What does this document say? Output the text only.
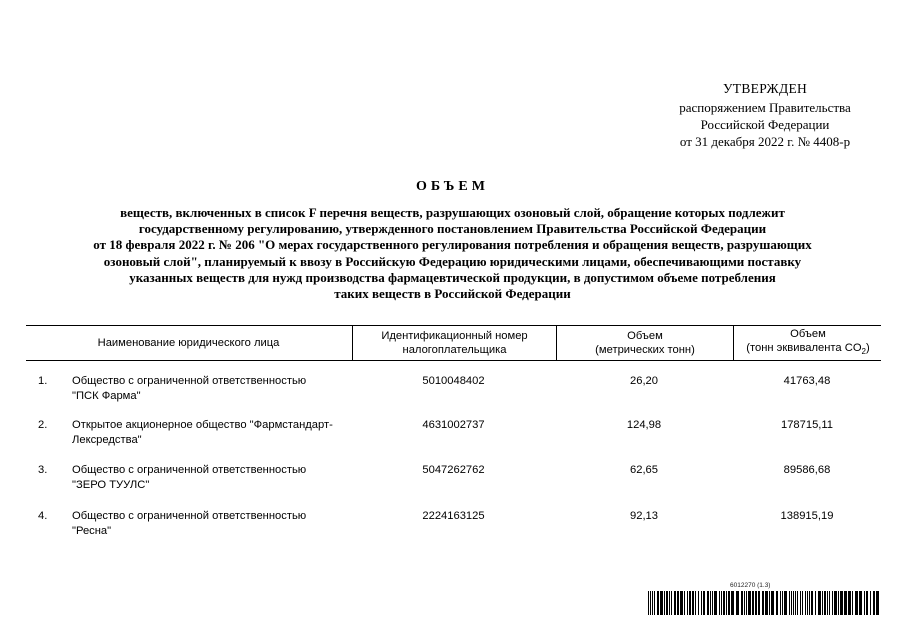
УТВЕРЖДЕН
распоряжением Правительства
Российской Федерации
от 31 декабря 2022 г. № 4408-р
ОБЪЕМ
веществ, включенных в список F перечня веществ, разрушающих озоновый слой, обращение которых подлежит
государственному регулированию, утвержденного постановлением Правительства Российской Федерации
от 18 февраля 2022 г. № 206 "О мерах государственного регулирования потребления и обращения веществ, разрушающих
озоновый слой", планируемый к ввозу в Российскую Федерацию юридическими лицами, обеспечивающими поставку
указанных веществ для нужд производства фармацевтической продукции, в допустимом объеме потребления
таких веществ в Российской Федерации
Наименование юридического лица
Идентификационный номер
налогоплательщика
Объем
(метрических тонн)
Объем
(тонн эквивалента $CO_2$)
1.	Общество с ограниченной ответственностью
"ПСК Фарма"
5010048402	26,20	41763,48
2.	Открытое акционерное общество "Фармстандарт-
Лексредства"
4631002737	124,98	178715,11
3.	Общество с ограниченной ответственностью
"ЗЕРО ТУУЛС"
5047262762	62,65	89586,68
4.	Общество с ограниченной ответственностью
"Ресна"
2224163125	92,13	138915,19
6012270 (1.3)
